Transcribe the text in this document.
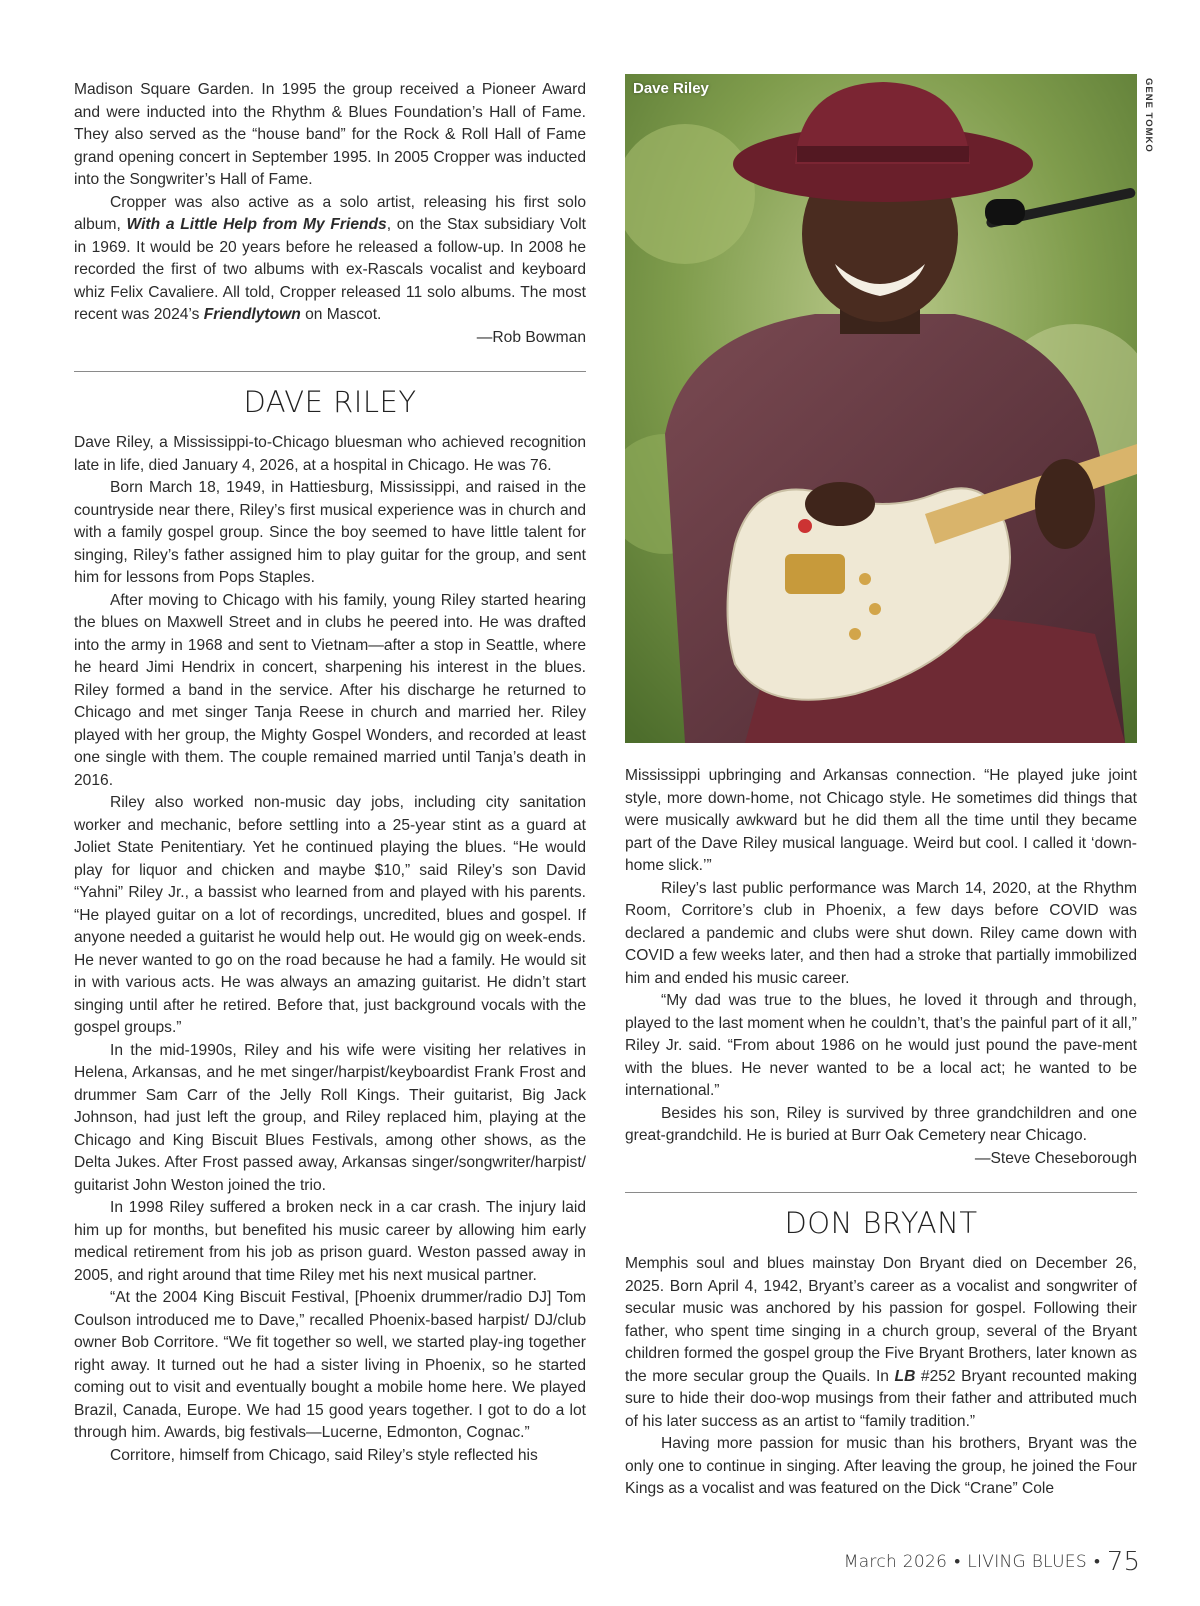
Madison Square Garden. In 1995 the group received a Pioneer Award and were inducted into the Rhythm & Blues Foundation’s Hall of Fame. They also served as the “house band” for the Rock & Roll Hall of Fame grand opening concert in September 1995. In 2005 Cropper was inducted into the Songwriter’s Hall of Fame.

Cropper was also active as a solo artist, releasing his first solo album, With a Little Help from My Friends, on the Stax subsidiary Volt in 1969. It would be 20 years before he released a follow-up. In 2008 he recorded the first of two albums with ex-Rascals vocalist and keyboard whiz Felix Cavaliere. All told, Cropper released 11 solo albums. The most recent was 2024’s Friendlytown on Mascot.

—Rob Bowman

DAVE RILEY

Dave Riley, a Mississippi-to-Chicago bluesman who achieved recognition late in life, died January 4, 2026, at a hospital in Chicago. He was 76.

Born March 18, 1949, in Hattiesburg, Mississippi, and raised in the countryside near there, Riley’s first musical experience was in church and with a family gospel group. Since the boy seemed to have little talent for singing, Riley’s father assigned him to play guitar for the group, and sent him for lessons from Pops Staples.

After moving to Chicago with his family, young Riley started hearing the blues on Maxwell Street and in clubs he peered into. He was drafted into the army in 1968 and sent to Vietnam—after a stop in Seattle, where he heard Jimi Hendrix in concert, sharpening his interest in the blues. Riley formed a band in the service. After his discharge he returned to Chicago and met singer Tanja Reese in church and married her. Riley played with her group, the Mighty Gospel Wonders, and recorded at least one single with them. The couple remained married until Tanja’s death in 2016.

Riley also worked non-music day jobs, including city sanitation worker and mechanic, before settling into a 25-year stint as a guard at Joliet State Penitentiary. Yet he continued playing the blues. “He would play for liquor and chicken and maybe $10,” said Riley’s son David “Yahni” Riley Jr., a bassist who learned from and played with his parents. “He played guitar on a lot of recordings, uncredited, blues and gospel. If anyone needed a guitarist he would help out. He would gig on week-ends. He never wanted to go on the road because he had a family. He would sit in with various acts. He was always an amazing guitarist. He didn’t start singing until after he retired. Before that, just background vocals with the gospel groups.”

In the mid-1990s, Riley and his wife were visiting her relatives in Helena, Arkansas, and he met singer/harpist/keyboardist Frank Frost and drummer Sam Carr of the Jelly Roll Kings. Their guitarist, Big Jack Johnson, had just left the group, and Riley replaced him, playing at the Chicago and King Biscuit Blues Festivals, among other shows, as the Delta Jukes. After Frost passed away, Arkansas singer/songwriter/harpist/ guitarist John Weston joined the trio.

In 1998 Riley suffered a broken neck in a car crash. The injury laid him up for months, but benefited his music career by allowing him early medical retirement from his job as prison guard. Weston passed away in 2005, and right around that time Riley met his next musical partner.

“At the 2004 King Biscuit Festival, [Phoenix drummer/radio DJ] Tom Coulson introduced me to Dave,” recalled Phoenix-based harpist/ DJ/club owner Bob Corritore. “We fit together so well, we started play-ing together right away. It turned out he had a sister living in Phoenix, so he started coming out to visit and eventually bought a mobile home here. We played Brazil, Canada, Europe. We had 15 good years together. I got to do a lot through him. Awards, big festivals—Lucerne, Edmonton, Cognac.”

Corritore, himself from Chicago, said Riley’s style reflected his

Dave Riley	GENE TOMKO

Mississippi upbringing and Arkansas connection. “He played juke joint style, more down-home, not Chicago style. He sometimes did things that were musically awkward but he did them all the time until they became part of the Dave Riley musical language. Weird but cool. I called it ‘down-home slick.’”

Riley’s last public performance was March 14, 2020, at the Rhythm Room, Corritore’s club in Phoenix, a few days before COVID was declared a pandemic and clubs were shut down. Riley came down with COVID a few weeks later, and then had a stroke that partially immobilized him and ended his music career.

“My dad was true to the blues, he loved it through and through, played to the last moment when he couldn’t, that’s the painful part of it all,” Riley Jr. said. “From about 1986 on he would just pound the pave-ment with the blues. He never wanted to be a local act; he wanted to be international.”

Besides his son, Riley is survived by three grandchildren and one great-grandchild. He is buried at Burr Oak Cemetery near Chicago.

—Steve Cheseborough

DON BRYANT

Memphis soul and blues mainstay Don Bryant died on December 26, 2025. Born April 4, 1942, Bryant’s career as a vocalist and songwriter of secular music was anchored by his passion for gospel. Following their father, who spent time singing in a church group, several of the Bryant children formed the gospel group the Five Bryant Brothers, later known as the more secular group the Quails. In LB #252 Bryant recounted making sure to hide their doo-wop musings from their father and attributed much of his later success as an artist to “family tradition.”

Having more passion for music than his brothers, Bryant was the only one to continue in singing. After leaving the group, he joined the Four Kings as a vocalist and was featured on the Dick “Crane” Cole

March 2026 • LIVING BLUES • 75
